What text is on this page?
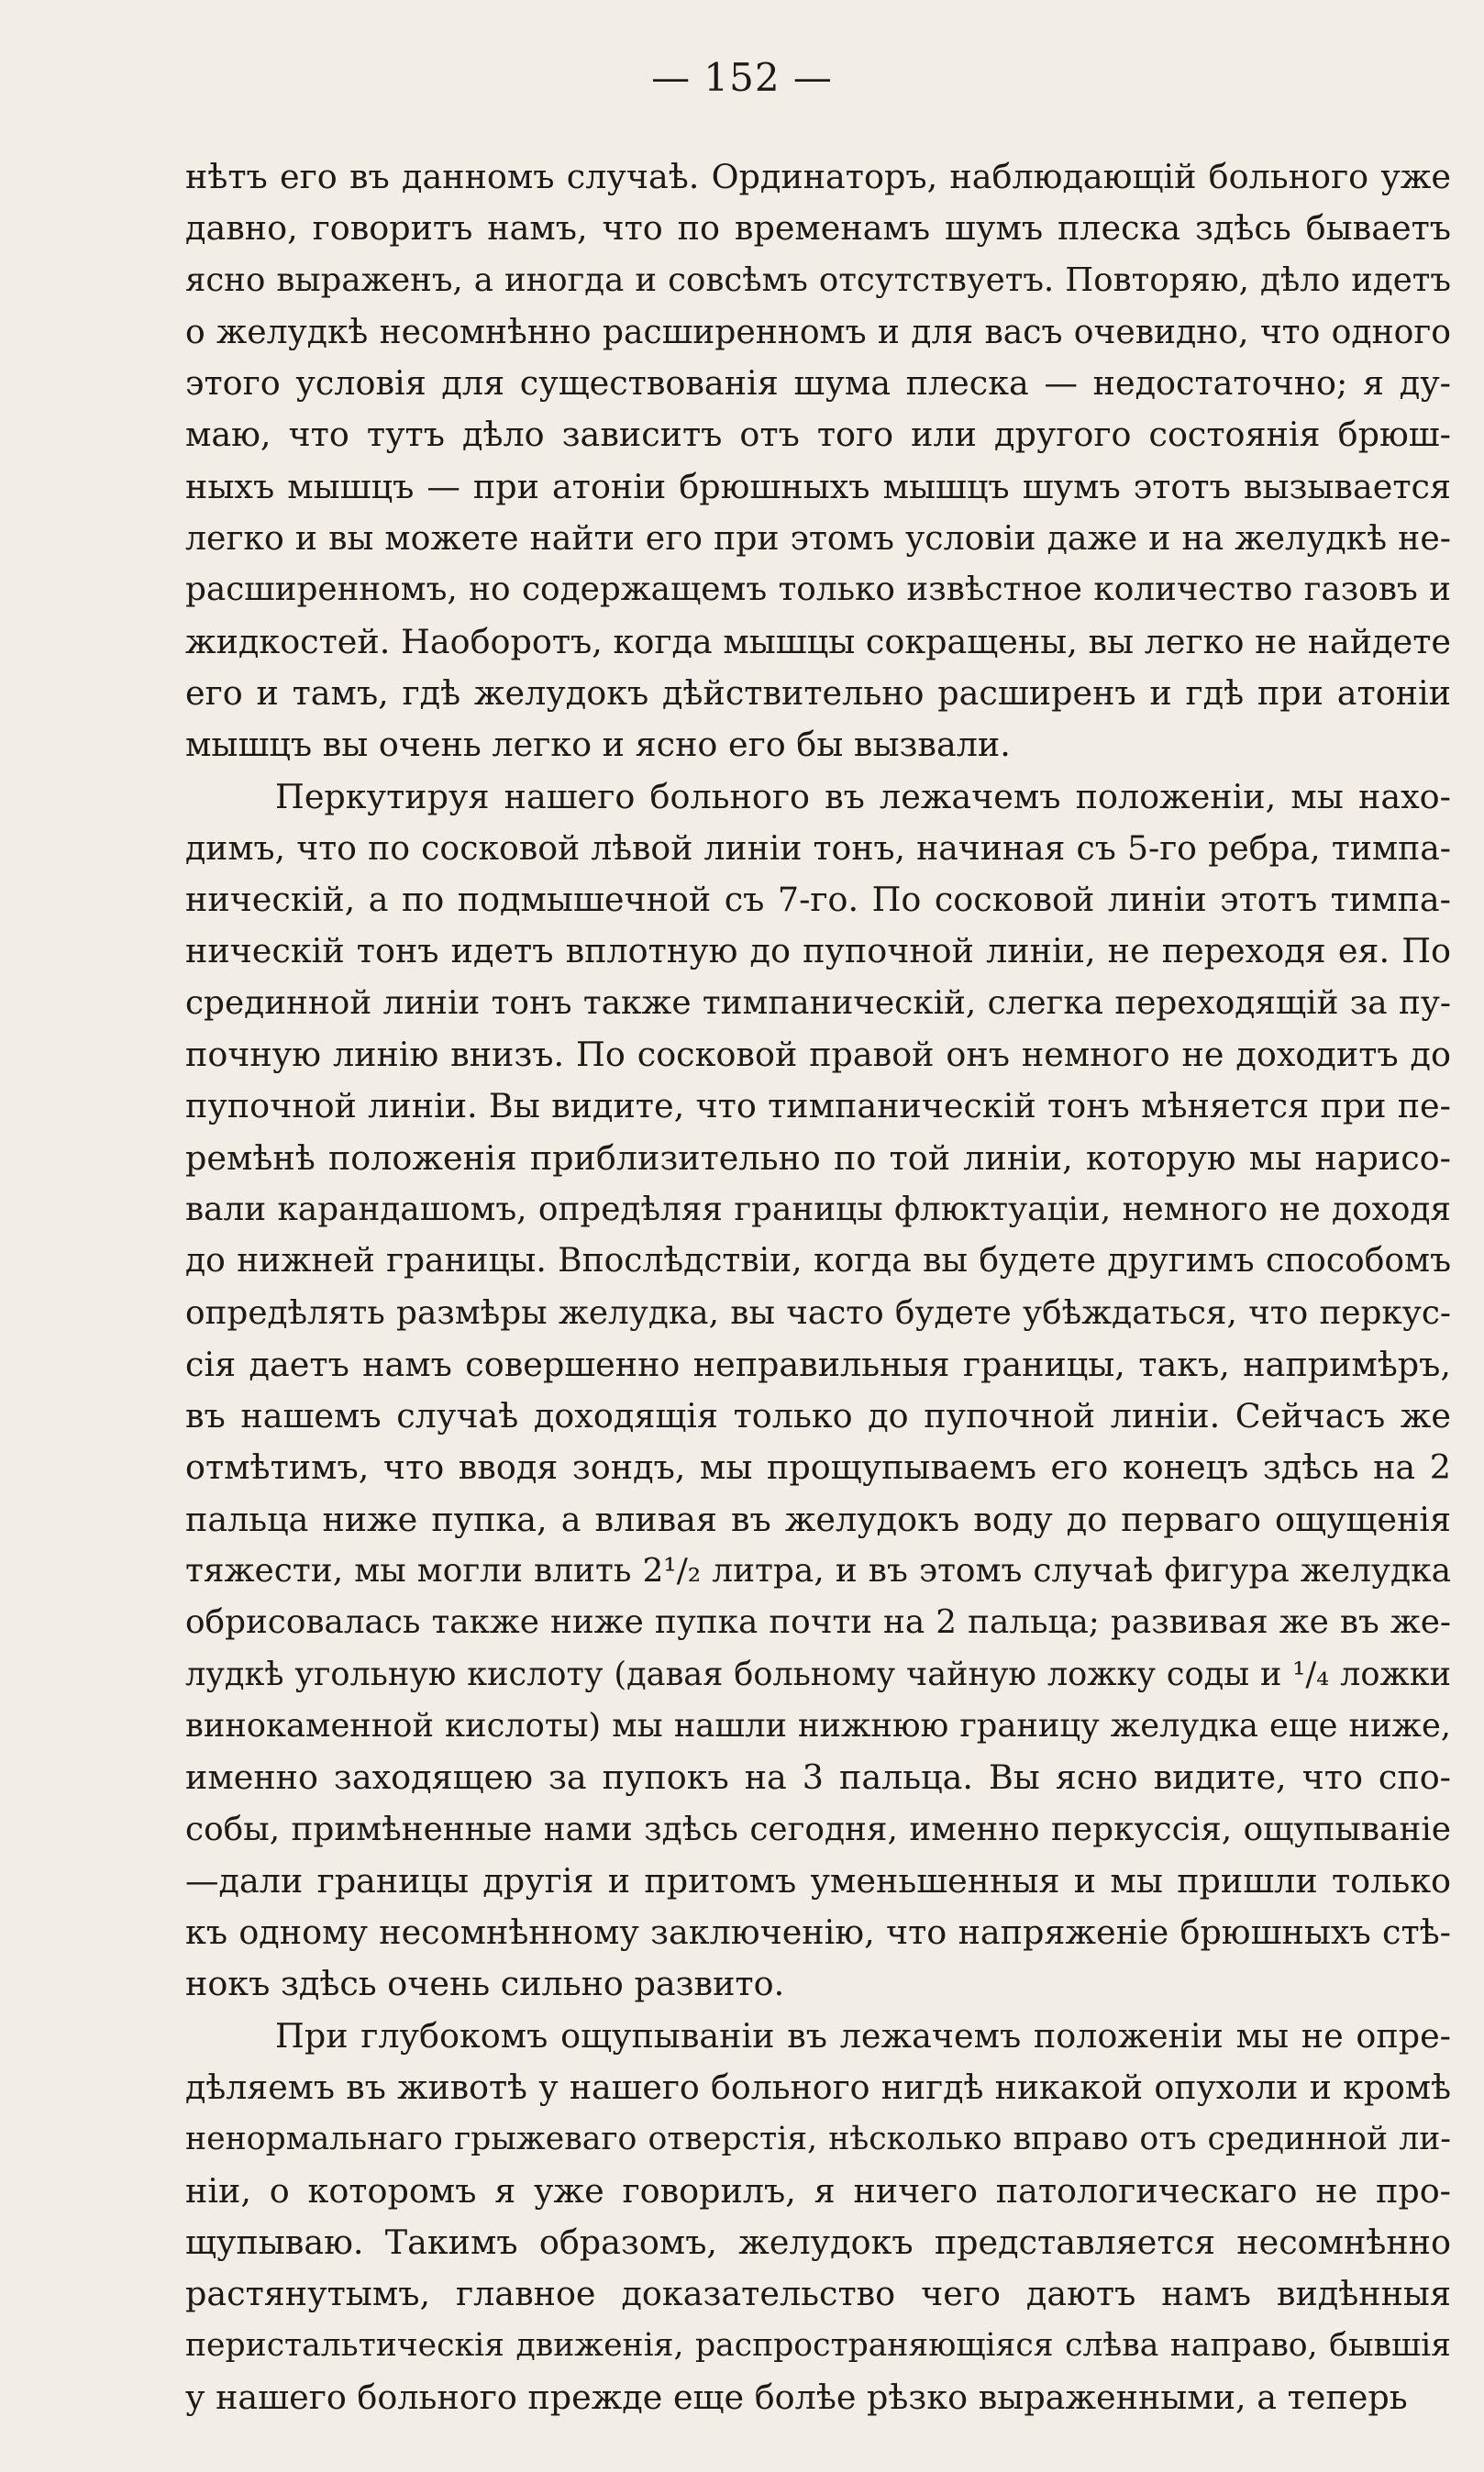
— 152 —
нѣтъ его въ данномъ случаѣ. Ординаторъ, наблюдающій больного уже
давно, говоритъ намъ, что по временамъ шумъ плеска здѣсь бываетъ
ясно выраженъ, а иногда и совсѣмъ отсутствуетъ. Повторяю, дѣло идетъ
о желудкѣ несомнѣнно расширенномъ и для васъ очевидно, что одного
этого условія для существованія шума плеска — недостаточно; я ду-
маю, что тутъ дѣло зависитъ отъ того или другого состоянія брюш-
ныхъ мышцъ — при атоніи брюшныхъ мышцъ шумъ этотъ вызывается
легко и вы можете найти его при этомъ условіи даже и на желудкѣ не-
расширенномъ, но содержащемъ только извѣстное количество газовъ и
жидкостей. Наоборотъ, когда мышцы сокращены, вы легко не найдете
его и тамъ, гдѣ желудокъ дѣйствительно расширенъ и гдѣ при атоніи
мышцъ вы очень легко и ясно его бы вызвали.
Перкутируя нашего больного въ лежачемъ положеніи, мы нахо-
димъ, что по сосковой лѣвой линіи тонъ, начиная съ 5-го ребра, тимпа-
ническій, а по подмышечной съ 7-го. По сосковой линіи этотъ тимпа-
ническій тонъ идетъ вплотную до пупочной линіи, не переходя ея. По
срединной линіи тонъ также тимпаническій, слегка переходящій за пу-
почную линію внизъ. По сосковой правой онъ немного не доходитъ до
пупочной линіи. Вы видите, что тимпаническій тонъ мѣняется при пе-
ремѣнѣ положенія приблизительно по той линіи, которую мы нарисо-
вали карандашомъ, опредѣляя границы флюктуаціи, немного не доходя
до нижней границы. Впослѣдствіи, когда вы будете другимъ способомъ
опредѣлять размѣры желудка, вы часто будете убѣждаться, что перкус-
сія даетъ намъ совершенно неправильныя границы, такъ, напримѣръ,
въ нашемъ случаѣ доходящія только до пупочной линіи. Сейчасъ же
отмѣтимъ, что вводя зондъ, мы прощупываемъ его конецъ здѣсь на 2
пальца ниже пупка, а вливая въ желудокъ воду до перваго ощущенія
тяжести, мы могли влить 2¹/₂ литра, и въ этомъ случаѣ фигура желудка
обрисовалась также ниже пупка почти на 2 пальца; развивая же въ же-
лудкѣ угольную кислоту (давая больному чайную ложку соды и ¹/₄ ложки
винокаменной кислоты) мы нашли нижнюю границу желудка еще ниже,
именно заходящею за пупокъ на 3 пальца. Вы ясно видите, что спо-
собы, примѣненные нами здѣсь сегодня, именно перкуссія, ощупываніе
—дали границы другія и притомъ уменьшенныя и мы пришли только
къ одному несомнѣнному заключенію, что напряженіе брюшныхъ стѣ-
нокъ здѣсь очень сильно развито.
При глубокомъ ощупываніи въ лежачемъ положеніи мы не опре-
дѣляемъ въ животѣ у нашего больного нигдѣ никакой опухоли и кромѣ
ненормальнаго грыжеваго отверстія, нѣсколько вправо отъ срединной ли-
ніи, о которомъ я уже говорилъ, я ничего патологическаго не про-
щупываю. Такимъ образомъ, желудокъ представляется несомнѣнно
растянутымъ, главное доказательство чего даютъ намъ видѣнныя
перистальтическія движенія, распространяющіяся слѣва направо, бывшія
у нашего больного прежде еще болѣе рѣзко выраженными, а теперь
